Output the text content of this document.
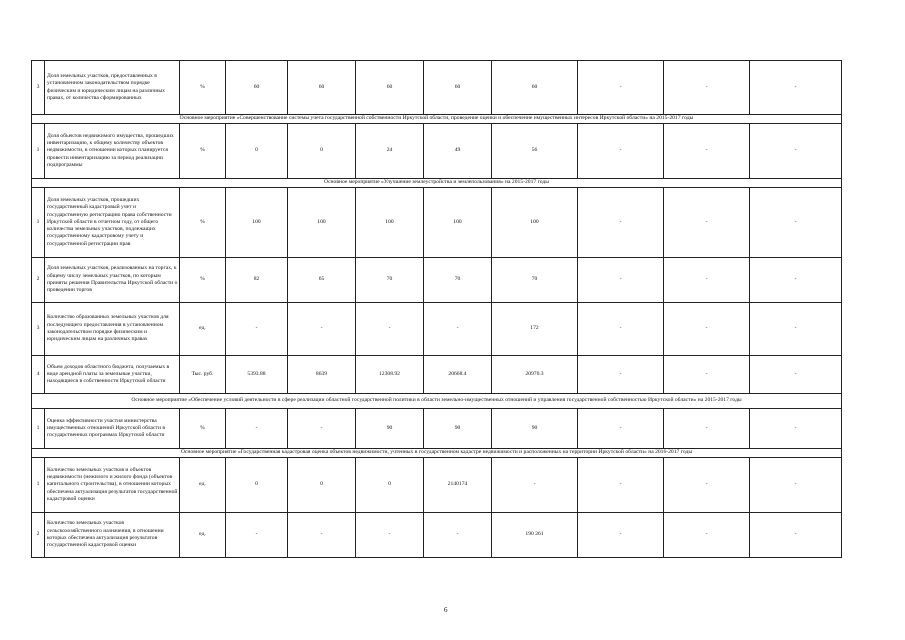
3	Доля земельных участков, предоставленных в установленном законодательством порядке физическим и юридическим лицам на различных правах, от количества сформированных	%	60	60	60	60	60	-	-	-
Основное мероприятие «Совершенствование системы учета государственной собственности Иркутской области, проведение оценки и обеспечение имущественных интересов Иркутской области» на 2015-2017 годы										
1	Доля объектов недвижимого имущества, прошедших инвентаризацию, к общему количеству объектов недвижимости, в отношении которых планируется провести инвентаризацию за период реализации подпрограммы	%	0	0	24	49	56	-	-	-
Основное мероприятие «Улучшение землеустройства и землепользования» на 2015-2017 годы										
1	Доля земельных участков, прошедших государственный кадастровый учет и государственную регистрацию права собственности Иркутской области в отчетном году, от общего количества земельных участков, подлежащих государственному кадастровому учету и государственной регистрации прав	%	100	100	100	100	100	-	-	-
2	Доля земельных участков, реализованных на торгах, к общему числу земельных участков, по которым приняты решения Правительства Иркутской области о проведении торгов	%	82	65	70	70	70	-	-	-
3	Количество образованных земельных участков для последующего предоставления в установленном законодательством порядке физическим и юридическим лицам на различных правах	ед.	-	-	-	-	172	-	-	-
4	Объем доходов областного бюджета, получаемых в виде арендной платы за земельные участки, находящиеся в собственности Иркутской области	Тыс. руб.	5393.88	8639	12308.92	20668.4	20970.3	-	-	-
Основное мероприятие «Обеспечение условий деятельности в сфере реализации областной государственной политики в области земельно-имущественных отношений и управления государственной собственностью Иркутской области» на 2015-2017 годы										
1	Оценка эффективности участия министерства имущественных отношений Иркутской области в государственных программах Иркутской области	%	-	-	90	90	90	-	-	-
Основное мероприятие «Государственная кадастровая оценка объектов недвижимости, учтенных в государственном кадастре недвижимости и расположенных на территории Иркутской области» на 2016-2017 годы										
1	Количество земельных участков и объектов недвижимости (нежилого и жилого фонда (объектов капитального строительства), в отношении которых обеспечена актуализация результатов государственной кадастровой оценки	ед.	0	0	0	2140174	-	-	-	-
2	Количество земельных участков сельскохозяйственного назначения, в отношении которых обеспечена актуализация результатов государственной кадастровой оценки	ед.	-	-	-	-	190 261	-	-	-
6
